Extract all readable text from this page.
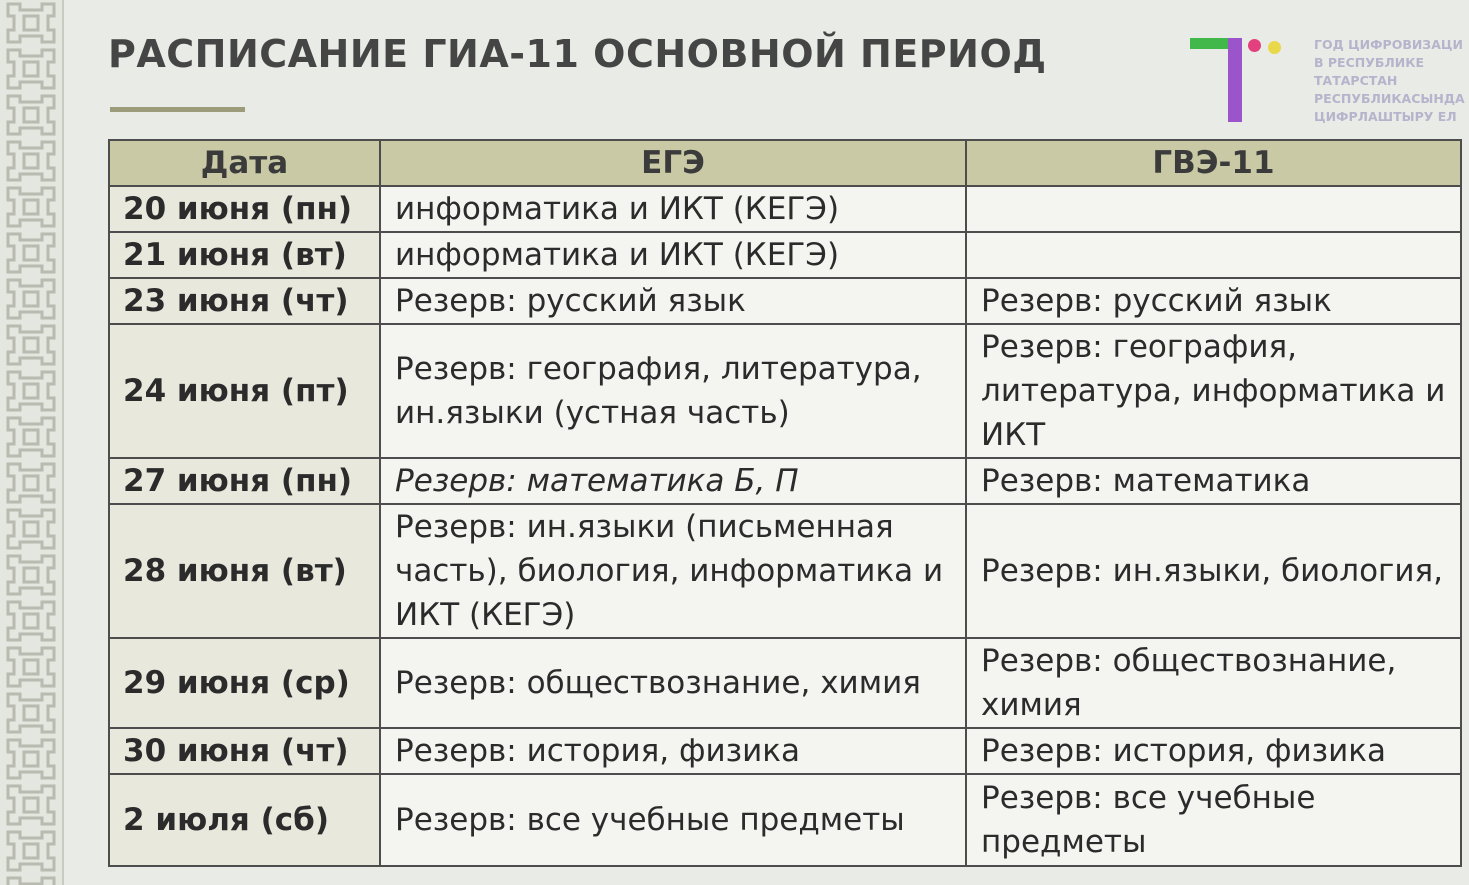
РАСПИСАНИЕ ГИА-11 ОСНОВНОЙ ПЕРИОД	ГОД ЦИФРОВИЗАЦИ
В РЕСПУБЛИКЕ
ТАТАРСТАН
РЕСПУБЛИКАСЫНДА
ЦИФРЛАШТЫРУ ЕЛ
Дата	ЕГЭ	ГВЭ-11
20 июня (пн)	информатика и ИКТ (КЕГЭ)	
21 июня (вт)	информатика и ИКТ (КЕГЭ)	
23 июня (чт)	Резерв: русский язык	Резерв: русский язык
24 июня (пт)	Резерв: география, литература, ин.языки (устная часть)	Резерв: география, литература, информатика и ИКТ
27 июня (пн)	Резерв: математика Б, П	Резерв: математика
28 июня (вт)	Резерв: ин.языки (письменная часть), биология, информатика и ИКТ (КЕГЭ)	Резерв: ин.языки, биология,
29 июня (ср)	Резерв: обществознание, химия	Резерв: обществознание, химия
30 июня (чт)	Резерв: история, физика	Резерв: история, физика
2 июля (сб)	Резерв: все учебные предметы	Резерв: все учебные предметы
